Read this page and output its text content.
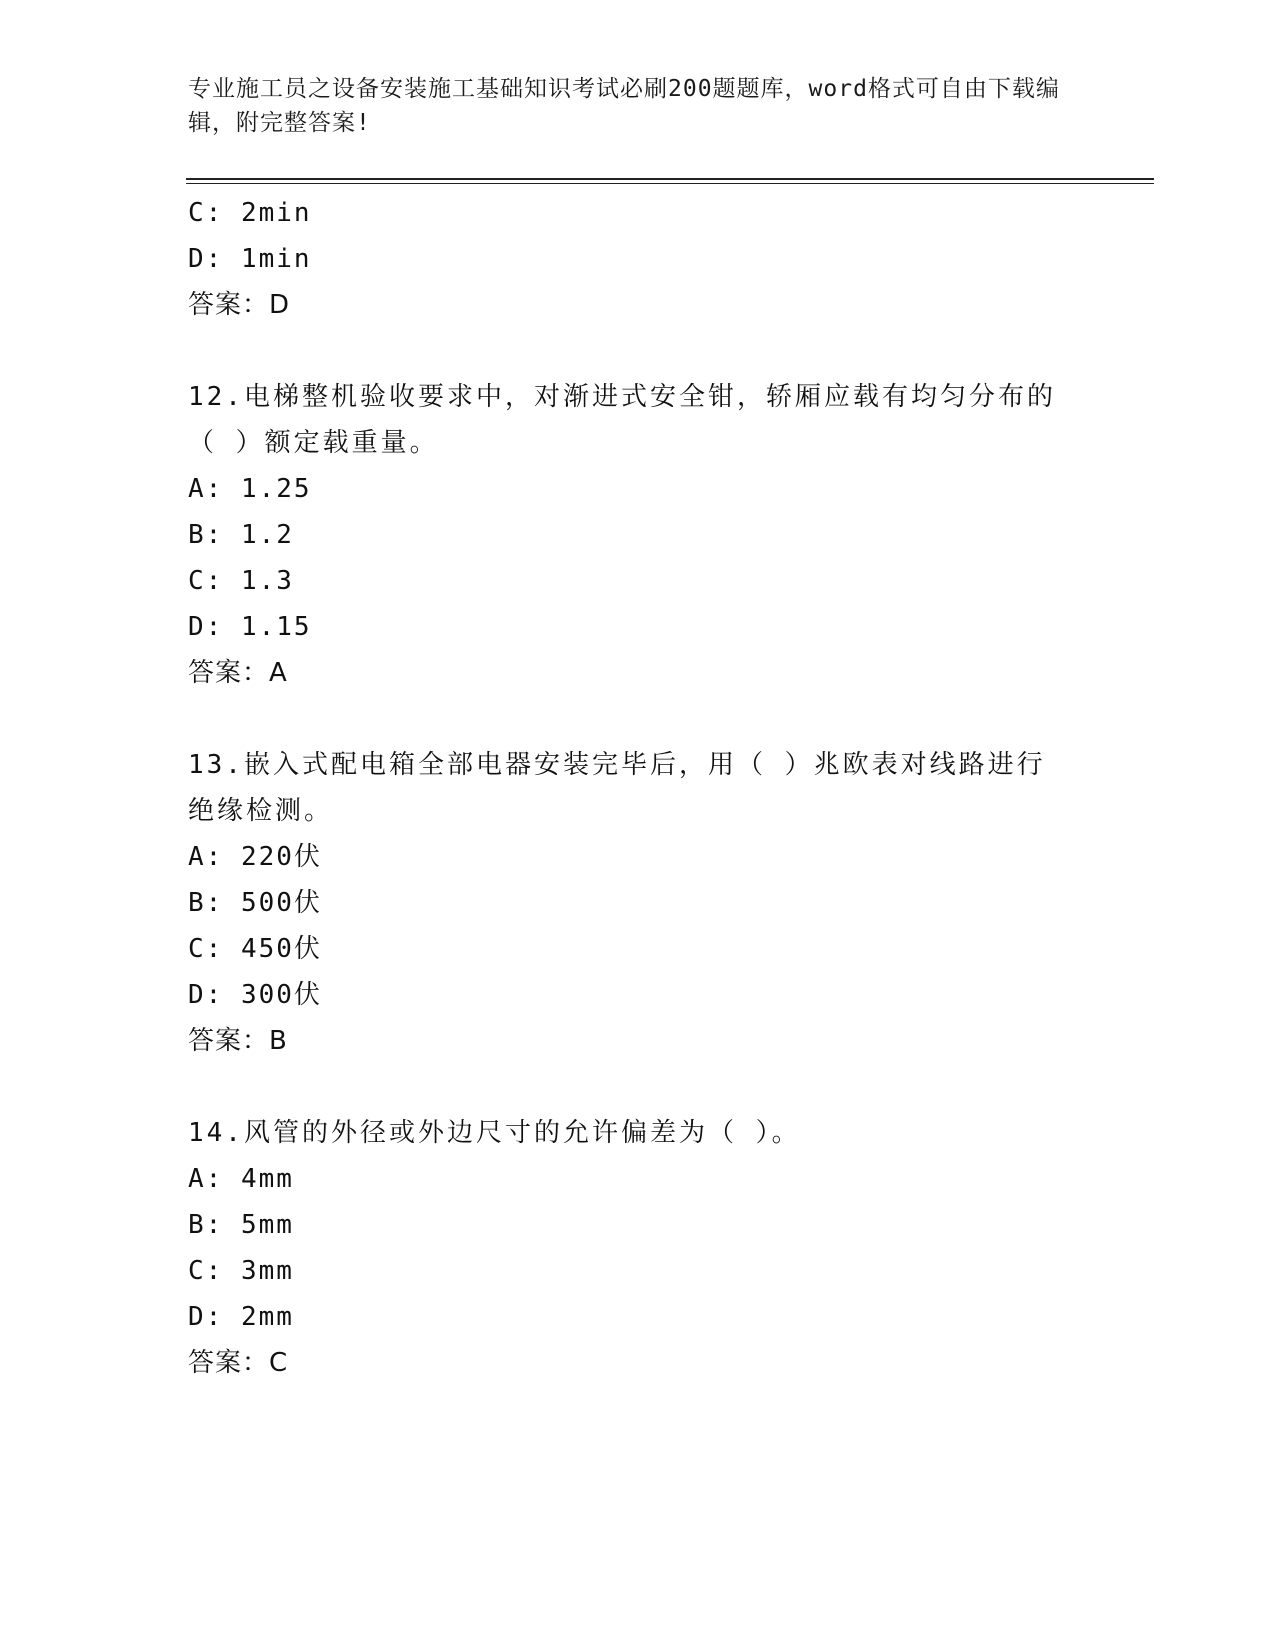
专业施工员之设备安装施工基础知识考试必刷200题题库，word格式可自由下载编辑，附完整答案!
C: 2min
D: 1min
答案：D
12.电梯整机验收要求中，对渐进式安全钳，轿厢应载有均匀分布的（ ）额定载重量。
A: 1.25
B: 1.2
C: 1.3
D: 1.15
答案：A
13.嵌入式配电箱全部电器安装完毕后，用（ ）兆欧表对线路进行绝缘检测。
A: 220伏
B: 500伏
C: 450伏
D: 300伏
答案：B
14.风管的外径或外边尺寸的允许偏差为（ ）。
A: 4mm
B: 5mm
C: 3mm
D: 2mm
答案：C
